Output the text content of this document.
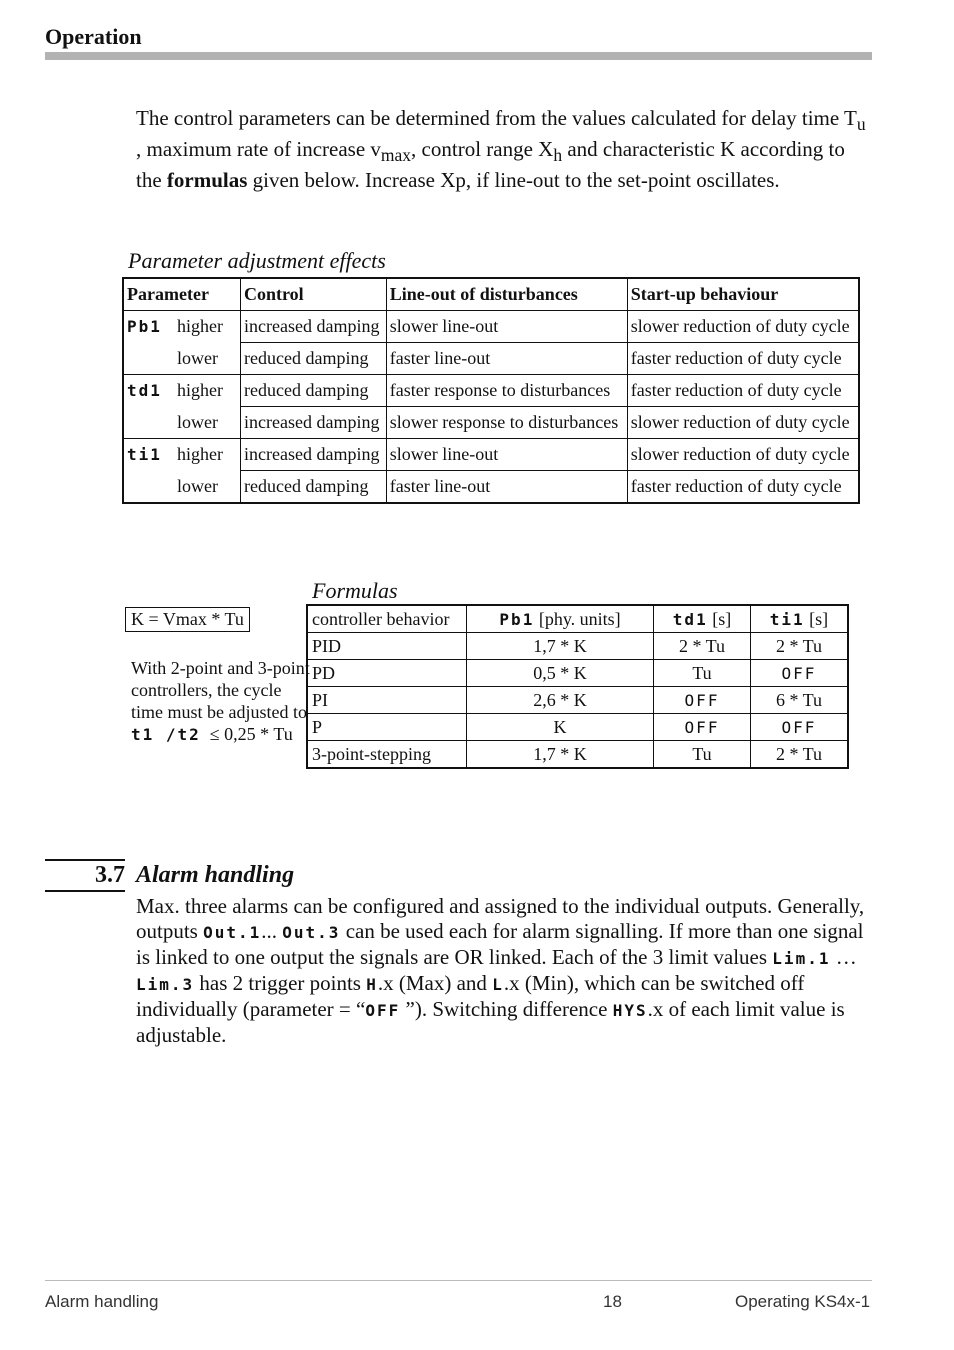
Operation
The control parameters can be determined from the values calculated for delay time $T_u$ , maximum rate of increase $v_{max}$, control range $X_h$ and characteristic K according to the formulas given below. Increase Xp, if line-out to the set-point oscillates.
Parameter adjustment effects
Parameter	Control	Line-out of disturbances	Start-up behaviour
Pb1 higher	increased damping	slower line-out	slower reduction of duty cycle
lower	reduced damping	faster line-out	faster reduction of duty cycle
td1 higher	reduced damping	faster response to disturbances	faster reduction of duty cycle
lower	increased damping	slower response to disturbances	slower reduction of duty cycle
ti1 higher	increased damping	slower line-out	slower reduction of duty cycle
lower	reduced damping	faster line-out	faster reduction of duty cycle
Formulas
K = Vmax * Tu
With 2-point and 3-point controllers, the cycle time must be adjusted to
t1 /t2 ≤ 0,25 * Tu
controller behavior	Pb1 [phy. units]	td1 [s]	ti1 [s]
PID	1,7 * K	2 * Tu	2 * Tu
PD	0,5 * K	Tu	OFF
PI	2,6 * K	OFF	6 * Tu
P	K	OFF	OFF
3-point-stepping	1,7 * K	Tu	2 * Tu
3.7 Alarm handling
Max. three alarms can be configured and assigned to the individual outputs. Generally, outputs Out.1... Out.3 can be used each for alarm signalling. If more than one signal is linked to one output the signals are OR linked. Each of the 3 limit values Lim.1 … Lim.3 has 2 trigger points H.x (Max) and L.x (Min), which can be switched off individually (parameter = “OFF ”). Switching difference HYS.x of each limit value is adjustable.
Alarm handling	18	Operating KS4x-1
